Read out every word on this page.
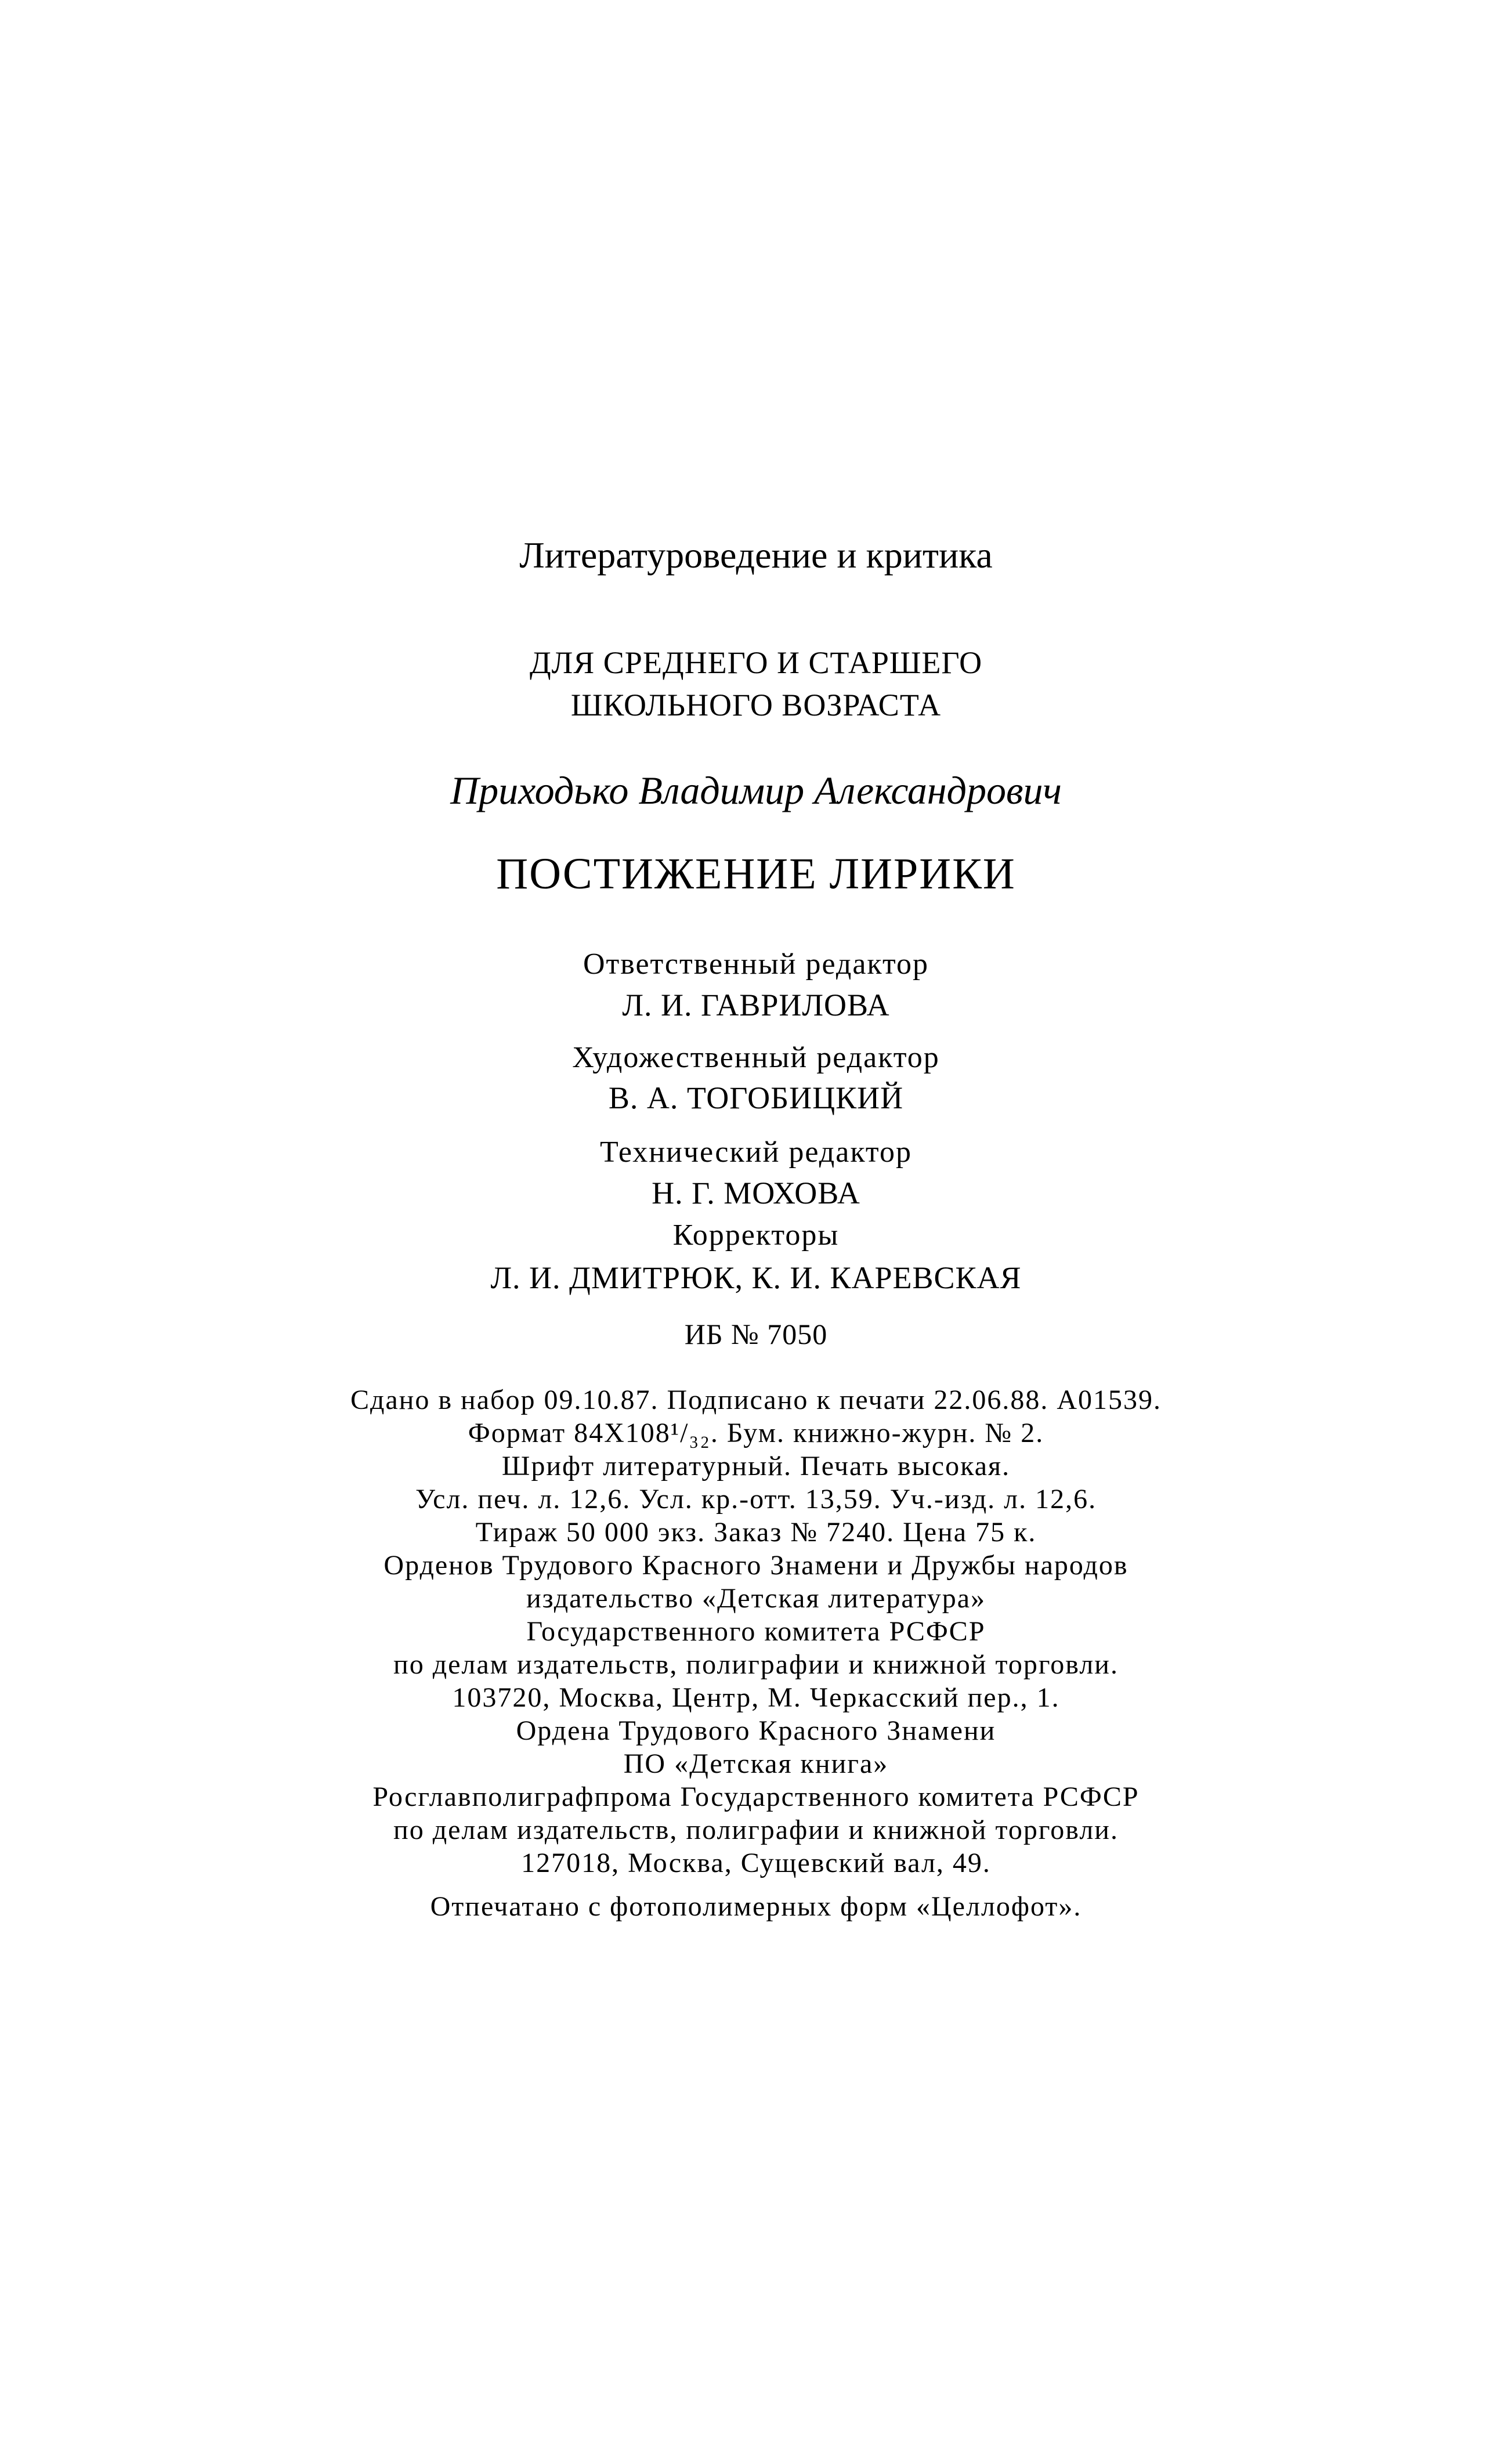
Литературоведение и критика
ДЛЯ СРЕДНЕГО И СТАРШЕГО
ШКОЛЬНОГО ВОЗРАСТА
Приходько Владимир Александрович
ПОСТИЖЕНИЕ ЛИРИКИ
Ответственный редактор
Л. И. ГАВРИЛОВА
Художественный редактор
В. А. ТОГОБИЦКИЙ
Технический редактор
Н. Г. МОХОВА
Корректоры
Л. И. ДМИТРЮК, К. И. КАРЕВСКАЯ
ИБ № 7050
Сдано в набор 09.10.87. Подписано к печати 22.06.88. А01539.
Формат 84Х108¹/₃₂. Бум. книжно-журн. № 2.
Шрифт литературный. Печать высокая.
Усл. печ. л. 12,6. Усл. кр.-отт. 13,59. Уч.-изд. л. 12,6.
Тираж 50 000 экз. Заказ № 7240. Цена 75 к.
Орденов Трудового Красного Знамени и Дружбы народов
издательство «Детская литература»
Государственного комитета РСФСР
по делам издательств, полиграфии и книжной торговли.
103720, Москва, Центр, М. Черкасский пер., 1.
Ордена Трудового Красного Знамени
ПО «Детская книга»
Росглавполиграфпрома Государственного комитета РСФСР
по делам издательств, полиграфии и книжной торговли.
127018, Москва, Сущевский вал, 49.
Отпечатано с фотополимерных форм «Целлофот».
